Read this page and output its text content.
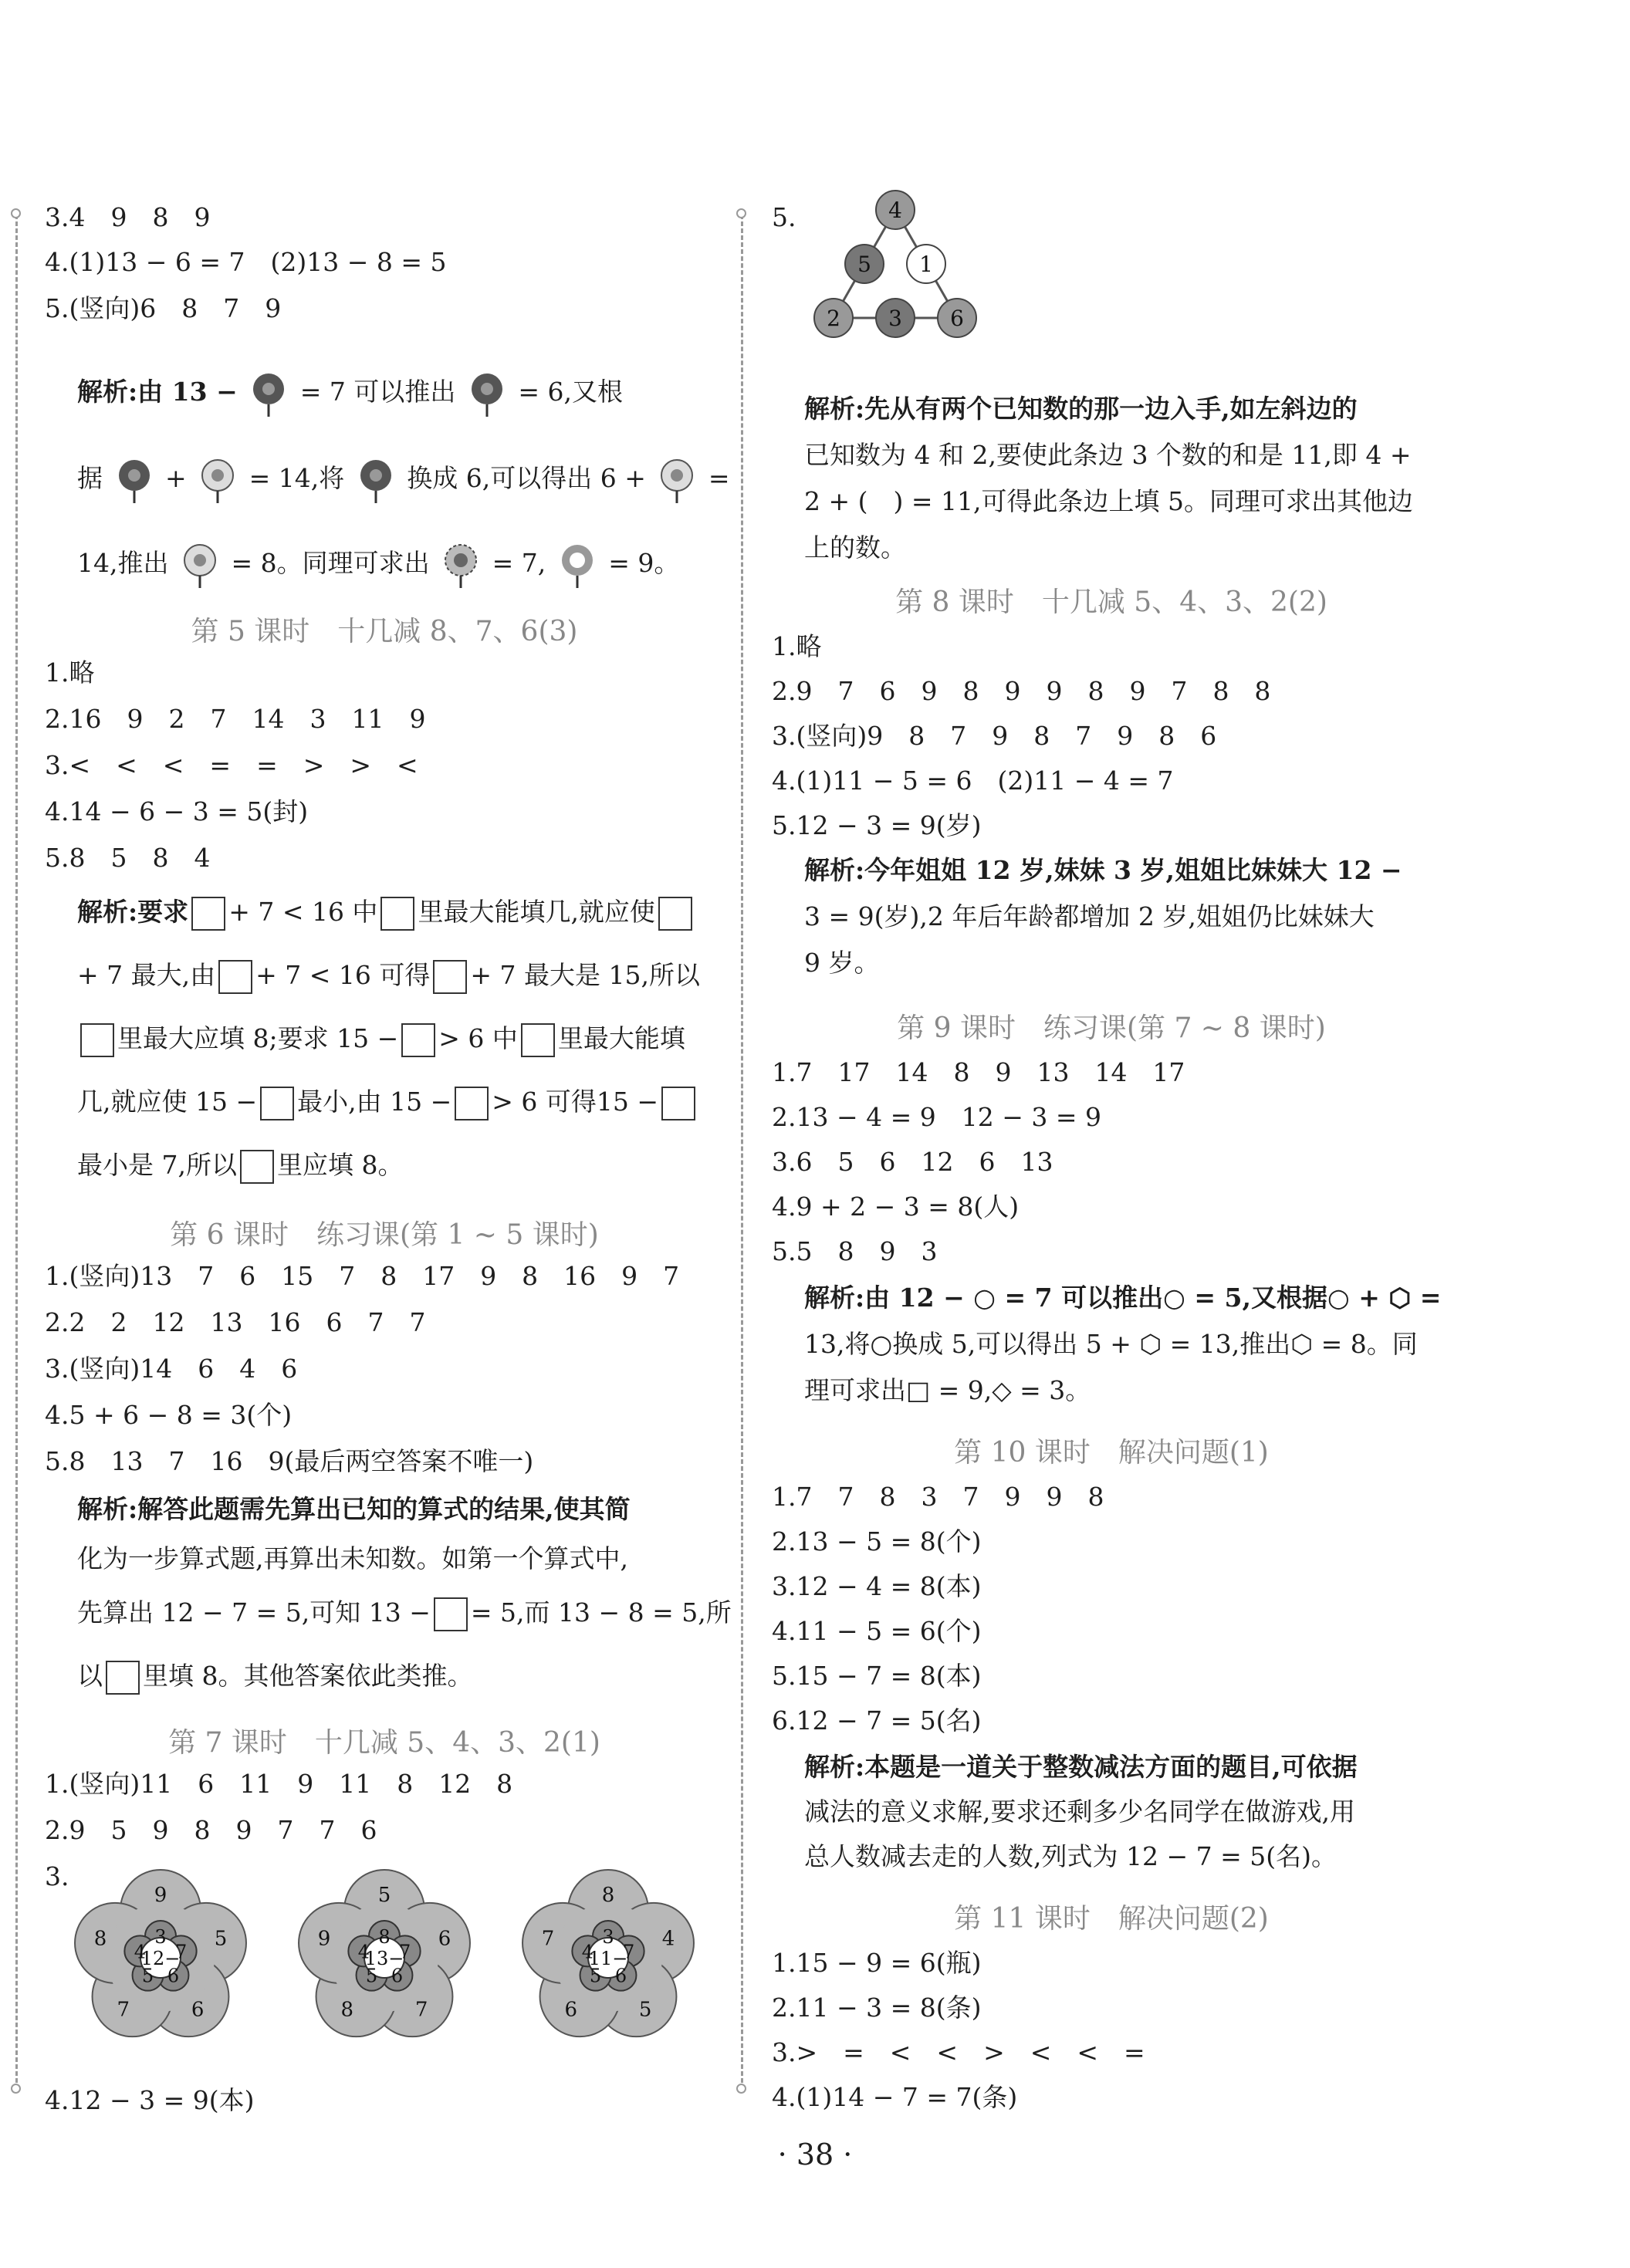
3.4　9　8　9
4.(1)13 − 6 = 7　(2)13 − 8 = 5
5.(竖向)6　8　7　9
解析:由 13 − = 7 可以推出 = 6,又根
据 + = 14,将 换成 6,可以得出 6 + =
14,推出 = 8。同理可求出 = 7, = 9。
第 5 课时　十几减 8、7、6(3)
1.略
2.16　9　2　7　14　3　11　9
3.<　<　<　=　=　>　>　<
4.14 − 6 − 3 = 5(封)
5.8　5　8　4
解析:要求 + 7 < 16 中 里最大能填几,就应使
+ 7 最大,由 + 7 < 16 可得 + 7 最大是 15,所以
里最大应填 8;要求 15 − > 6 中 里最大能填
几,就应使 15 − 最小,由 15 − > 6 可得15 −
最小是 7,所以 里应填 8。
第 6 课时　练习课(第 1 ~ 5 课时)
1.(竖向)13　7　6　15　7　8　17　9　8　16　9　7
2.2　2　12　13　16　6　7　7
3.(竖向)14　6　4　6
4.5 + 6 − 8 = 3(个)
5.8　13　7　16　9(最后两空答案不唯一)
解析:解答此题需先算出已知的算式的结果,使其简
化为一步算式题,再算出未知数。如第一个算式中,
先算出 12 − 7 = 5,可知 13 − = 5,而 13 − 8 = 5,所
以 里填 8。其他答案依此类推。
第 7 课时　十几减 5、4、3、2(1)
1.(竖向)11　6　11　9　11　8　12　8
2.9　5　9　8　9　7　7　6
3.
12−
3
7
6
5
4
9
5
6
7
8
13−
8
7
6
5
4
5
6
7
8
9
11−
3
7
6
5
4
8
4
5
6
7
4.12 − 3 = 9(本)
5.	4
5 1
2 3 6
解析:先从有两个已知数的那一边入手,如左斜边的
已知数为 4 和 2,要使此条边 3 个数的和是 11,即 4 +
2 + (　) = 11,可得此条边上填 5。同理可求出其他边
上的数。
第 8 课时　十几减 5、4、3、2(2)
1.略
2.9　7　6　9　8　9　9　8　9　7　8　8
3.(竖向)9　8　7　9　8　7　9　8　6
4.(1)11 − 5 = 6　(2)11 − 4 = 7
5.12 − 3 = 9(岁)
解析:今年姐姐 12 岁,妹妹 3 岁,姐姐比妹妹大 12 −
3 = 9(岁),2 年后年龄都增加 2 岁,姐姐仍比妹妹大
9 岁。
第 9 课时　练习课(第 7 ~ 8 课时)
1.7　17　14　8　9　13　14　17
2.13 − 4 = 9　12 − 3 = 9
3.6　5　6　12　6　13
4.9 + 2 − 3 = 8(人)
5.5　8　9　3
解析:由 12 − ○ = 7 可以推出○ = 5,又根据○ + ⬡ =
13,将○换成 5,可以得出 5 + ⬡ = 13,推出⬡ = 8。同
理可求出□ = 9,◇ = 3。
第 10 课时　解决问题(1)
1.7　7　8　3　7　9　9　8
2.13 − 5 = 8(个)
3.12 − 4 = 8(本)
4.11 − 5 = 6(个)
5.15 − 7 = 8(本)
6.12 − 7 = 5(名)
解析:本题是一道关于整数减法方面的题目,可依据
减法的意义求解,要求还剩多少名同学在做游戏,用
总人数减去走的人数,列式为 12 − 7 = 5(名)。
第 11 课时　解决问题(2)
1.15 − 9 = 6(瓶)
2.11 − 3 = 8(条)
3.>　=　<　<　>　<　<　=
4.(1)14 − 7 = 7(条)
· 38 ·
